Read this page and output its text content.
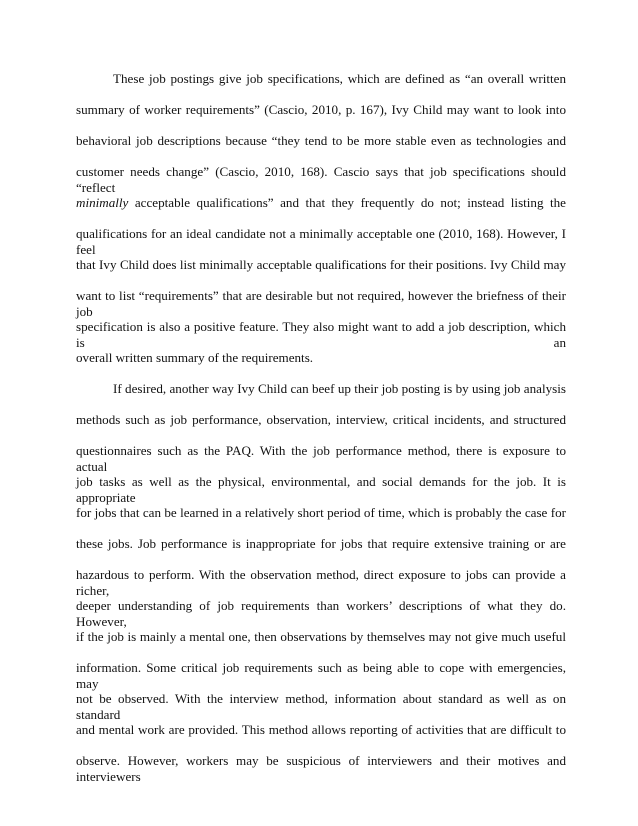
These job postings give job specifications, which are defined as “an overall written
summary of worker requirements” (Cascio, 2010, p. 167), Ivy Child may want to look into
behavioral job descriptions because “they tend to be more stable even as technologies and
customer needs change” (Cascio, 2010, 168). Cascio says that job specifications should “reflect
minimally acceptable qualifications” and that they frequently do not; instead listing the
qualifications for an ideal candidate not a minimally acceptable one (2010, 168). However, I feel
that Ivy Child does list minimally acceptable qualifications for their positions. Ivy Child may
want to list “requirements” that are desirable but not required, however the briefness of their job
specification is also a positive feature. They also might want to add a job description, which is an
overall written summary of the requirements.
If desired, another way Ivy Child can beef up their job posting is by using job analysis
methods such as job performance, observation, interview, critical incidents, and structured
questionnaires such as the PAQ. With the job performance method, there is exposure to actual
job tasks as well as the physical, environmental, and social demands for the job. It is appropriate
for jobs that can be learned in a relatively short period of time, which is probably the case for
these jobs. Job performance is inappropriate for jobs that require extensive training or are
hazardous to perform. With the observation method, direct exposure to jobs can provide a richer,
deeper understanding of job requirements than workers’ descriptions of what they do. However,
if the job is mainly a mental one, then observations by themselves may not give much useful
information. Some critical job requirements such as being able to cope with emergencies, may
not be observed. With the interview method, information about standard as well as on standard
and mental work are provided. This method allows reporting of activities that are difficult to
observe. However, workers may be suspicious of interviewers and their motives and interviewers
